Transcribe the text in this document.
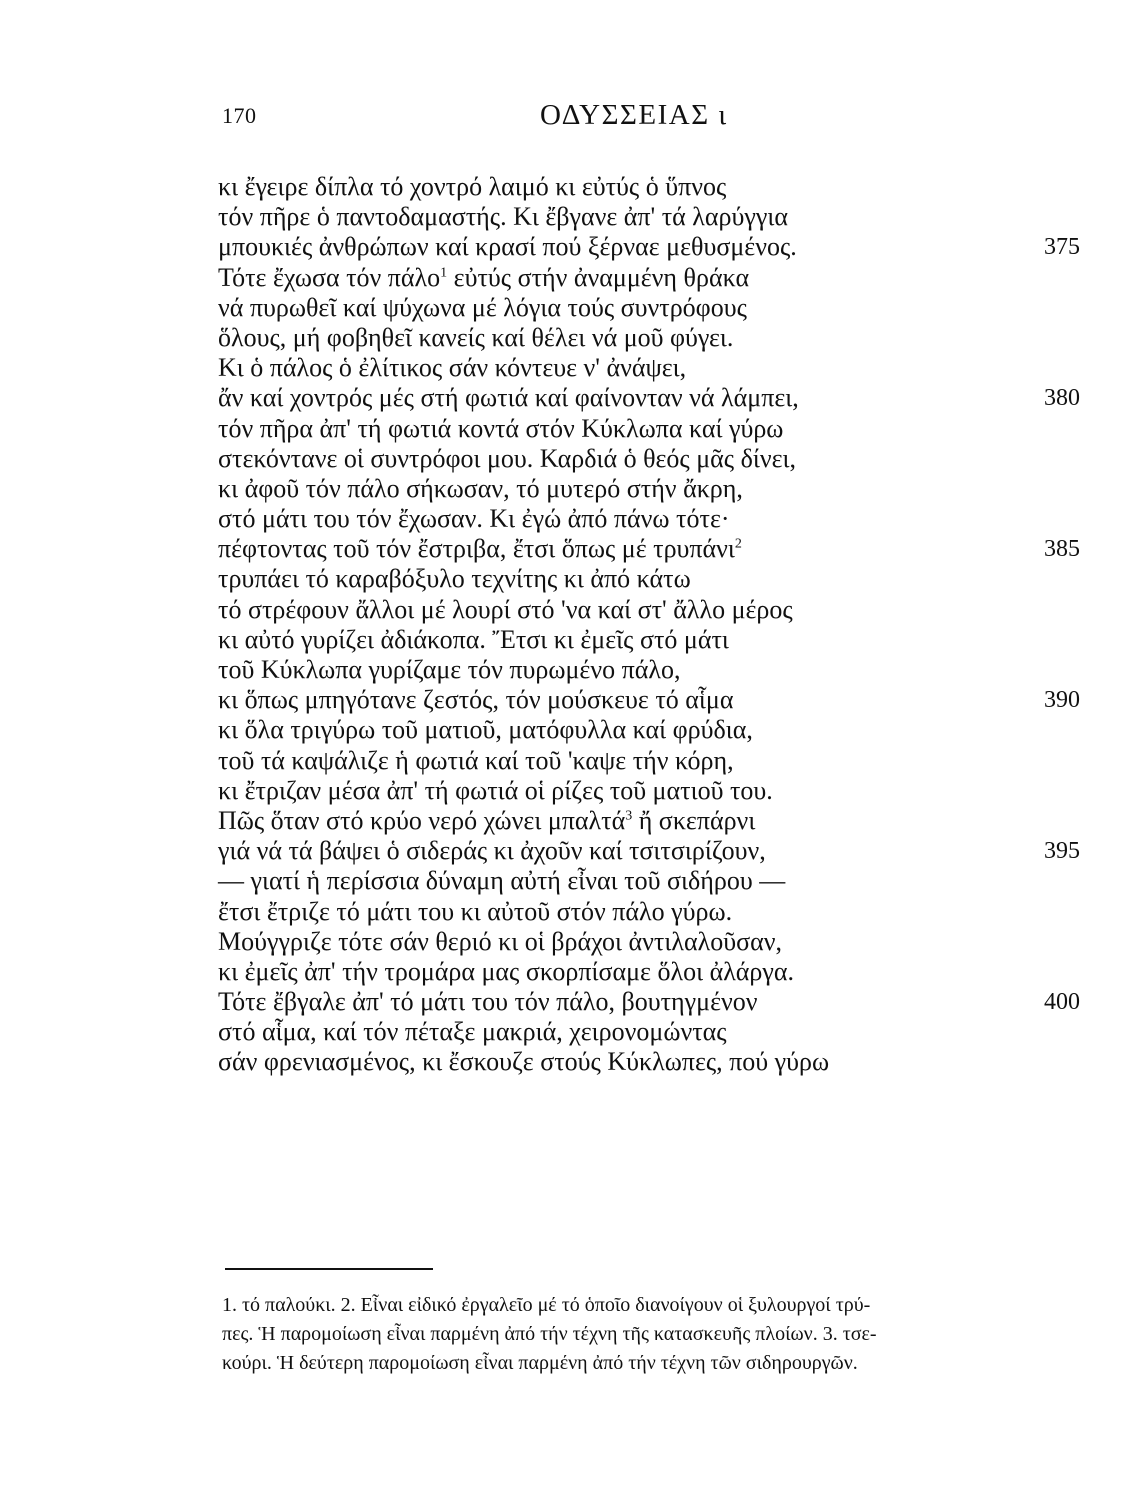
170	ΟΔΥΣΣΕΙΑΣ ι
κι ἔγειρε δίπλα τό χοντρό λαιμό κι εὐτύς ὁ ὕπνος
τόν πῆρε ὁ παντοδαμαστής. Κι ἔβγανε ἀπ' τά λαρύγγια
μπουκιές ἀνθρώπων καί κρασί πού ξέρναε μεθυσμένος.	375
Τότε ἔχωσα τόν πάλο$^1$ εὐτύς στήν ἀναμμένη θράκα
νά πυρωθεῖ καί ψύχωνα μέ λόγια τούς συντρόφους
ὅλους, μή φοβηθεῖ κανείς καί θέλει νά μοῦ φύγει.
Κι ὁ πάλος ὁ ἐλίτικος σάν κόντευε ν' ἀνάψει,
ἄν καί χοντρός μές στή φωτιά καί φαίνονταν νά λάμπει,	380
τόν πῆρα ἀπ' τή φωτιά κοντά στόν Κύκλωπα καί γύρω
στεκόντανε οἱ συντρόφοι μου. Καρδιά ὁ θεός μᾶς δίνει,
κι ἀφοῦ τόν πάλο σήκωσαν, τό μυτερό στήν ἄκρη,
στό μάτι του τόν ἔχωσαν. Κι ἐγώ ἀπό πάνω τότε·
πέφτοντας τοῦ τόν ἔστριβα, ἔτσι ὅπως μέ τρυπάνι$^2$	385
τρυπάει τό καραβόξυλο τεχνίτης κι ἀπό κάτω
τό στρέφουν ἄλλοι μέ λουρί στό 'να καί στ' ἄλλο μέρος
κι αὐτό γυρίζει ἀδιάκοπα. Ἔτσι κι ἐμεῖς στό μάτι
τοῦ Κύκλωπα γυρίζαμε τόν πυρωμένο πάλο,
κι ὅπως μπηγότανε ζεστός, τόν μούσκευε τό αἷμα	390
κι ὅλα τριγύρω τοῦ ματιοῦ, ματόφυλλα καί φρύδια,
τοῦ τά καψάλιζε ἡ φωτιά καί τοῦ 'καψε τήν κόρη,
κι ἔτριζαν μέσα ἀπ' τή φωτιά οἱ ρίζες τοῦ ματιοῦ του.
Πῶς ὅταν στό κρύο νερό χώνει μπαλτά$^3$ ἤ σκεπάρνι
γιά νά τά βάψει ὁ σιδεράς κι ἀχοῦν καί τσιτσιρίζουν,	395
— γιατί ἡ περίσσια δύναμη αὐτή εἶναι τοῦ σιδήρου —
ἔτσι ἔτριζε τό μάτι του κι αὐτοῦ στόν πάλο γύρω.
Μούγγριζε τότε σάν θεριό κι οἱ βράχοι ἀντιλαλοῦσαν,
κι ἐμεῖς ἀπ' τήν τρομάρα μας σκορπίσαμε ὅλοι ἀλάργα.
Τότε ἔβγαλε ἀπ' τό μάτι του τόν πάλο, βουτηγμένον	400
στό αἷμα, καί τόν πέταξε μακριά, χειρονομώντας
σάν φρενιασμένος, κι ἔσκουζε στούς Κύκλωπες, πού γύρω
1. τό παλούκι. 2. Εἶναι εἰδικό ἐργαλεῖο μέ τό ὁποῖο διανοίγουν οἱ ξυλουργοί τρύ-
πες. Ἡ παρομοίωση εἶναι παρμένη ἀπό τήν τέχνη τῆς κατασκευῆς πλοίων. 3. τσε-
κούρι. Ἡ δεύτερη παρομοίωση εἶναι παρμένη ἀπό τήν τέχνη τῶν σιδηρουργῶν.
